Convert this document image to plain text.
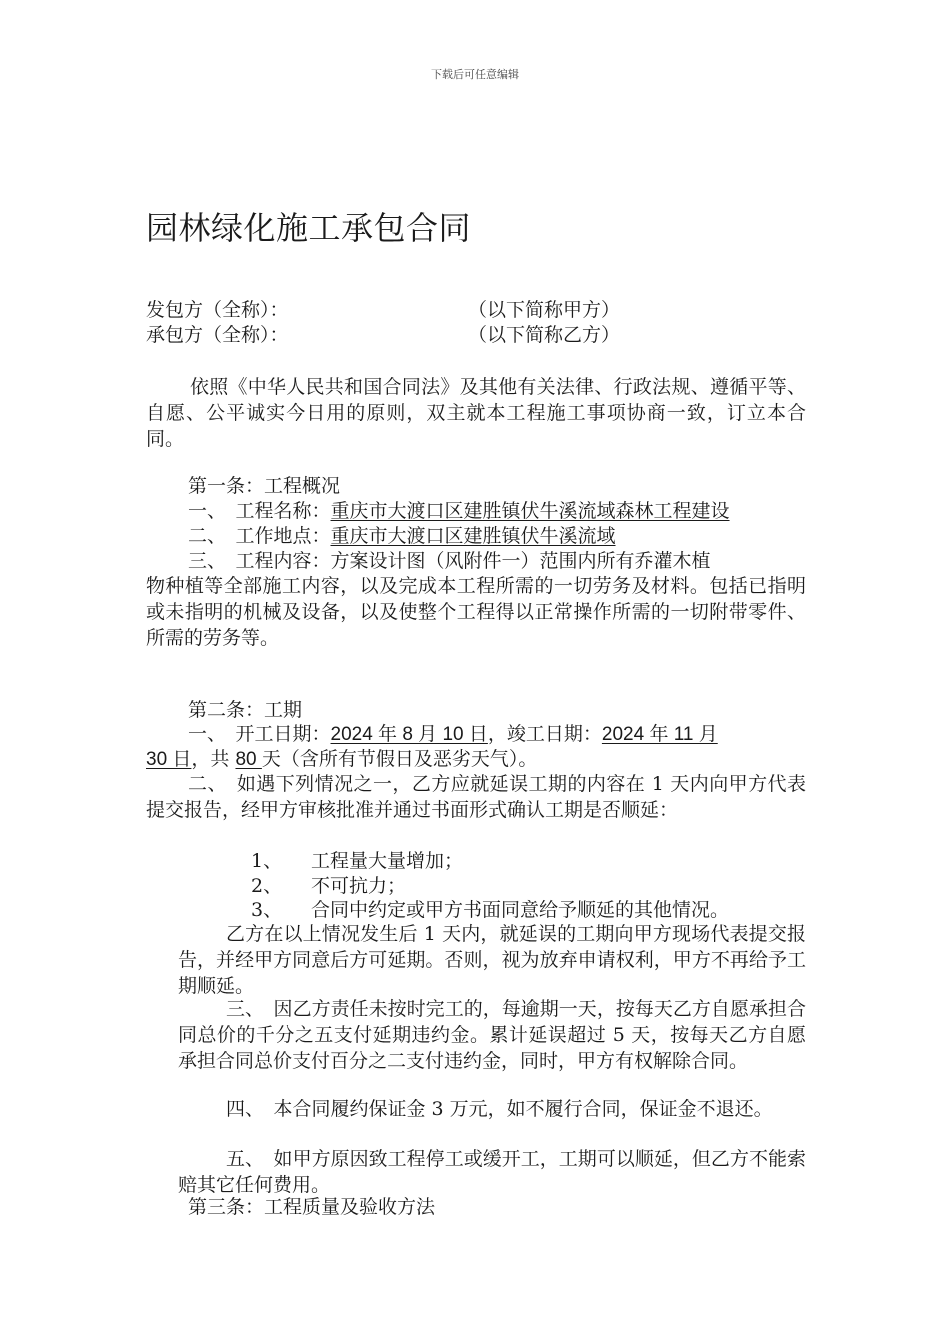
下载后可任意编辑
园林绿化施工承包合同
发包方（全称）：	（以下简称甲方）
承包方（全称）：	（以下简称乙方）
依照《中华人民共和国合同法》及其他有关法律、行政法规、遵循平等、自愿、公平诚实今日用的原则，双主就本工程施工事项协商一致，订立本合同。
第一条：工程概况
一、　工程名称：重庆市大渡口区建胜镇伏牛溪流域森林工程建设
二、　工作地点：重庆市大渡口区建胜镇伏牛溪流域
三、　工程内容：方案设计图（风附件一）范围内所有乔灌木植
物种植等全部施工内容，以及完成本工程所需的一切劳务及材料。包括已指明或未指明的机械及设备，以及使整个工程得以正常操作所需的一切附带零件、所需的劳务等。
第二条：工期
一、　开工日期：2024 年 8 月 10 日，竣工日期：2024 年 11 月
30 日，共 80 天（含所有节假日及恶劣天气）。
二、　如遇下列情况之一，乙方应就延误工期的内容在 1 天内向甲方代表提交报告，经甲方审核批准并通过书面形式确认工期是否顺延：
1、 工程量大量增加；
2、 不可抗力；
3、 合同中约定或甲方书面同意给予顺延的其他情况。
乙方在以上情况发生后 1 天内，就延误的工期向甲方现场代表提交报告，并经甲方同意后方可延期。否则，视为放弃申请权利，甲方不再给予工期顺延。
三、　因乙方责任未按时完工的，每逾期一天，按每天乙方自愿承担合同总价的千分之五支付延期违约金。累计延误超过 5 天，按每天乙方自愿承担合同总价支付百分之二支付违约金，同时，甲方有权解除合同。
四、　本合同履约保证金 3 万元，如不履行合同，保证金不退还。
五、　如甲方原因致工程停工或缓开工，工期可以顺延，但乙方不能索赔其它任何费用。
第三条：工程质量及验收方法
